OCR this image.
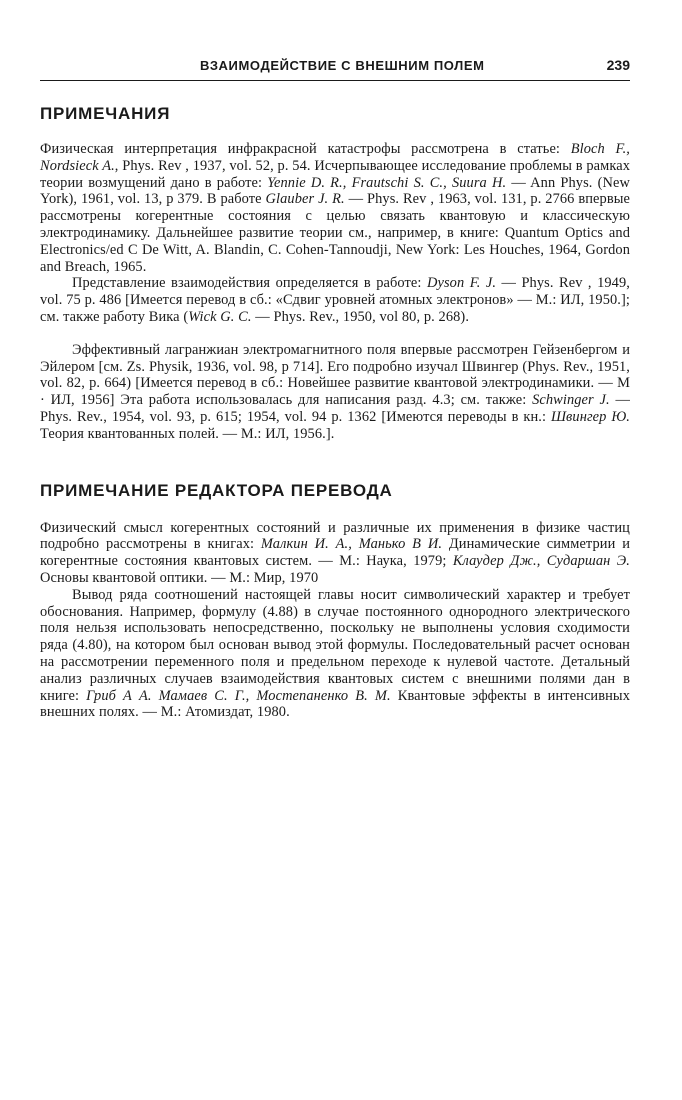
ВЗАИМОДЕЙСТВИЕ С ВНЕШНИМ ПОЛЕМ	239
ПРИМЕЧАНИЯ

Физическая интерпретация инфракрасной катастрофы рассмотрена в статье: Bloch F., Nordsieck A., Phys. Rev , 1937, vol. 52, p. 54. Исчерпывающее исследование проблемы в рамках теории возмущений дано в работе: Yennie D. R., Frautschi S. C., Suura H. — Ann Phys. (New York), 1961, vol. 13, p 379. В работе Glauber J. R. — Phys. Rev , 1963, vol. 131, p. 2766 впервые рассмотрены когерентные состояния с целью связать квантовую и классическую электродинамику. Дальнейшее развитие теории см., например, в книге: Quantum Optics and Electronics/ed C De Witt, A. Blandin, C. Cohen-Tannoudji, New York: Les Houches, 1964, Gordon and Breach, 1965.

Представление взаимодействия определяется в работе: Dyson F. J. — Phys. Rev , 1949, vol. 75 p. 486 [Имеется перевод в сб.: «Сдвиг уровней атомных электронов» — М.: ИЛ, 1950.]; см. также работу Вика (Wick G. C. — Phys. Rev., 1950, vol 80, p. 268).

Эффективный лагранжиан электромагнитного поля впервые рассмотрен Гейзенбергом и Эйлером [см. Zs. Physik, 1936, vol. 98, p 714]. Его подробно изучал Швингер (Phys. Rev., 1951, vol. 82, p. 664) [Имеется перевод в сб.: Новейшее развитие квантовой электродинамики. — М · ИЛ, 1956] Эта работа использовалась для написания разд. 4.3; см. также: Schwinger J. — Phys. Rev., 1954, vol. 93, p. 615; 1954, vol. 94 p. 1362 [Имеются переводы в кн.: Швингер Ю. Теория квантованных полей. — М.: ИЛ, 1956.].

ПРИМЕЧАНИЕ РЕДАКТОРА ПЕРЕВОДА

Физический смысл когерентных состояний и различные их применения в физике частиц подробно рассмотрены в книгах: Малкин И. А., Манько В И. Динамические симметрии и когерентные состояния квантовых систем. — М.: Наука, 1979; Клаудер Дж., Сударшан Э. Основы квантовой оптики. — М.: Мир, 1970

Вывод ряда соотношений настоящей главы носит символический характер и требует обоснования. Например, формулу (4.88) в случае постоянного однородного электрического поля нельзя использовать непосредственно, поскольку не выполнены условия сходимости ряда (4.80), на котором был основан вывод этой формулы. Последовательный расчет основан на рассмотрении переменного поля и предельном переходе к нулевой частоте. Детальный анализ различных случаев взаимодействия квантовых систем с внешними полями дан в книге: Гриб А А. Мамаев С. Г., Мостепаненко В. М. Квантовые эффекты в интенсивных внешних полях. — М.: Атомиздат, 1980.
